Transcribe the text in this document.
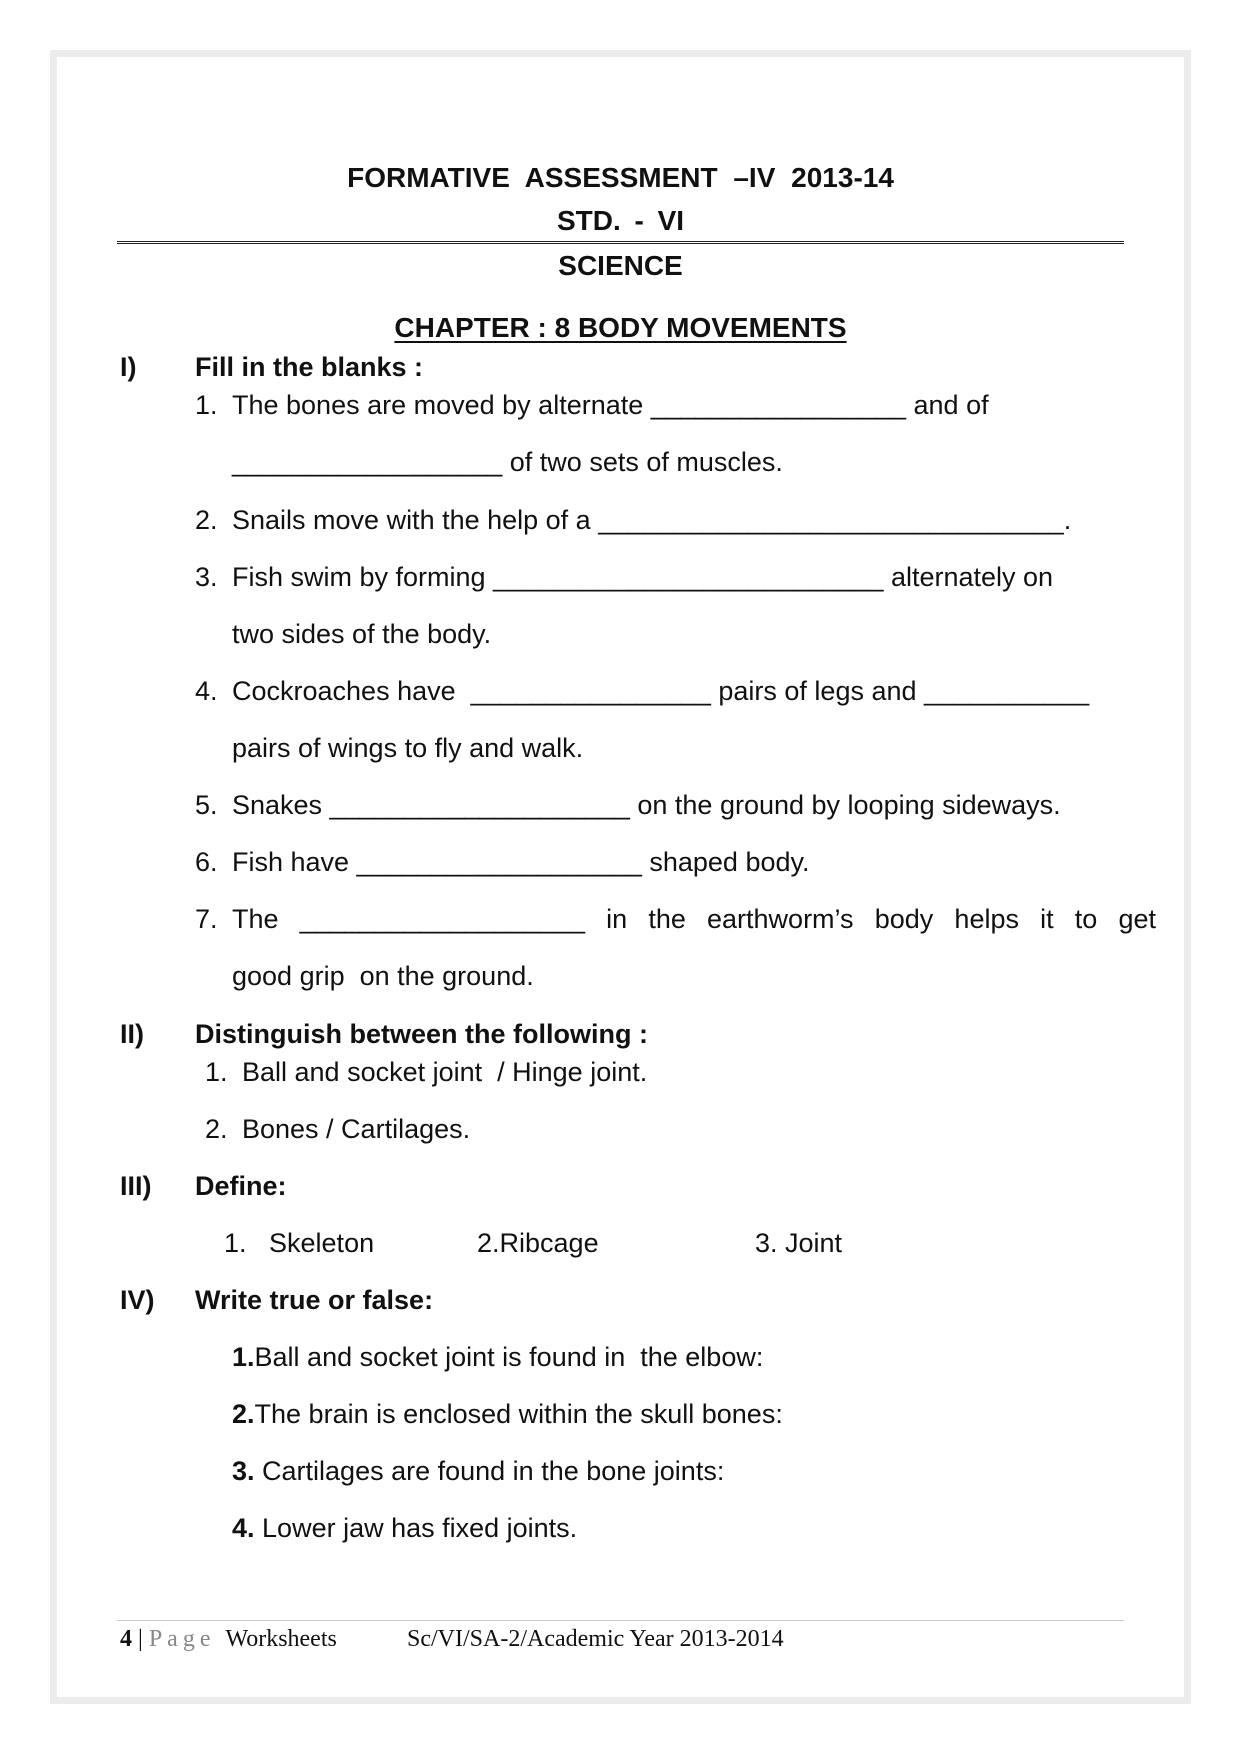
FORMATIVE ASSESSMENT –IV 2013-14
STD. - VI
SCIENCE
CHAPTER : 8 BODY MOVEMENTS
I) Fill in the blanks :
1. The bones are moved by alternate _________________ and of
__________________ of two sets of muscles.
2. Snails move with the help of a _______________________________.
3. Fish swim by forming __________________________ alternately on
two sides of the body.
4. Cockroaches have  ________________ pairs of legs and ___________
pairs of wings to fly and walk.
5. Snakes ____________________ on the ground by looping sideways.
6. Fish have ___________________ shaped body.
7. The ___________________ in the earthworm’s body helps it to get
good grip  on the ground.
II) Distinguish between the following :
1. Ball and socket joint  / Hinge joint.
2. Bones / Cartilages.
III) Define:
1.   Skeleton	2.Ribcage	3. Joint
IV) Write true or false:
1.Ball and socket joint is found in  the elbow:
2.The brain is enclosed within the skull bones:
3. Cartilages are found in the bone joints:
4. Lower jaw has fixed joints.
4 | Page Worksheets	Sc/VI/SA-2/Academic Year 2013-2014
